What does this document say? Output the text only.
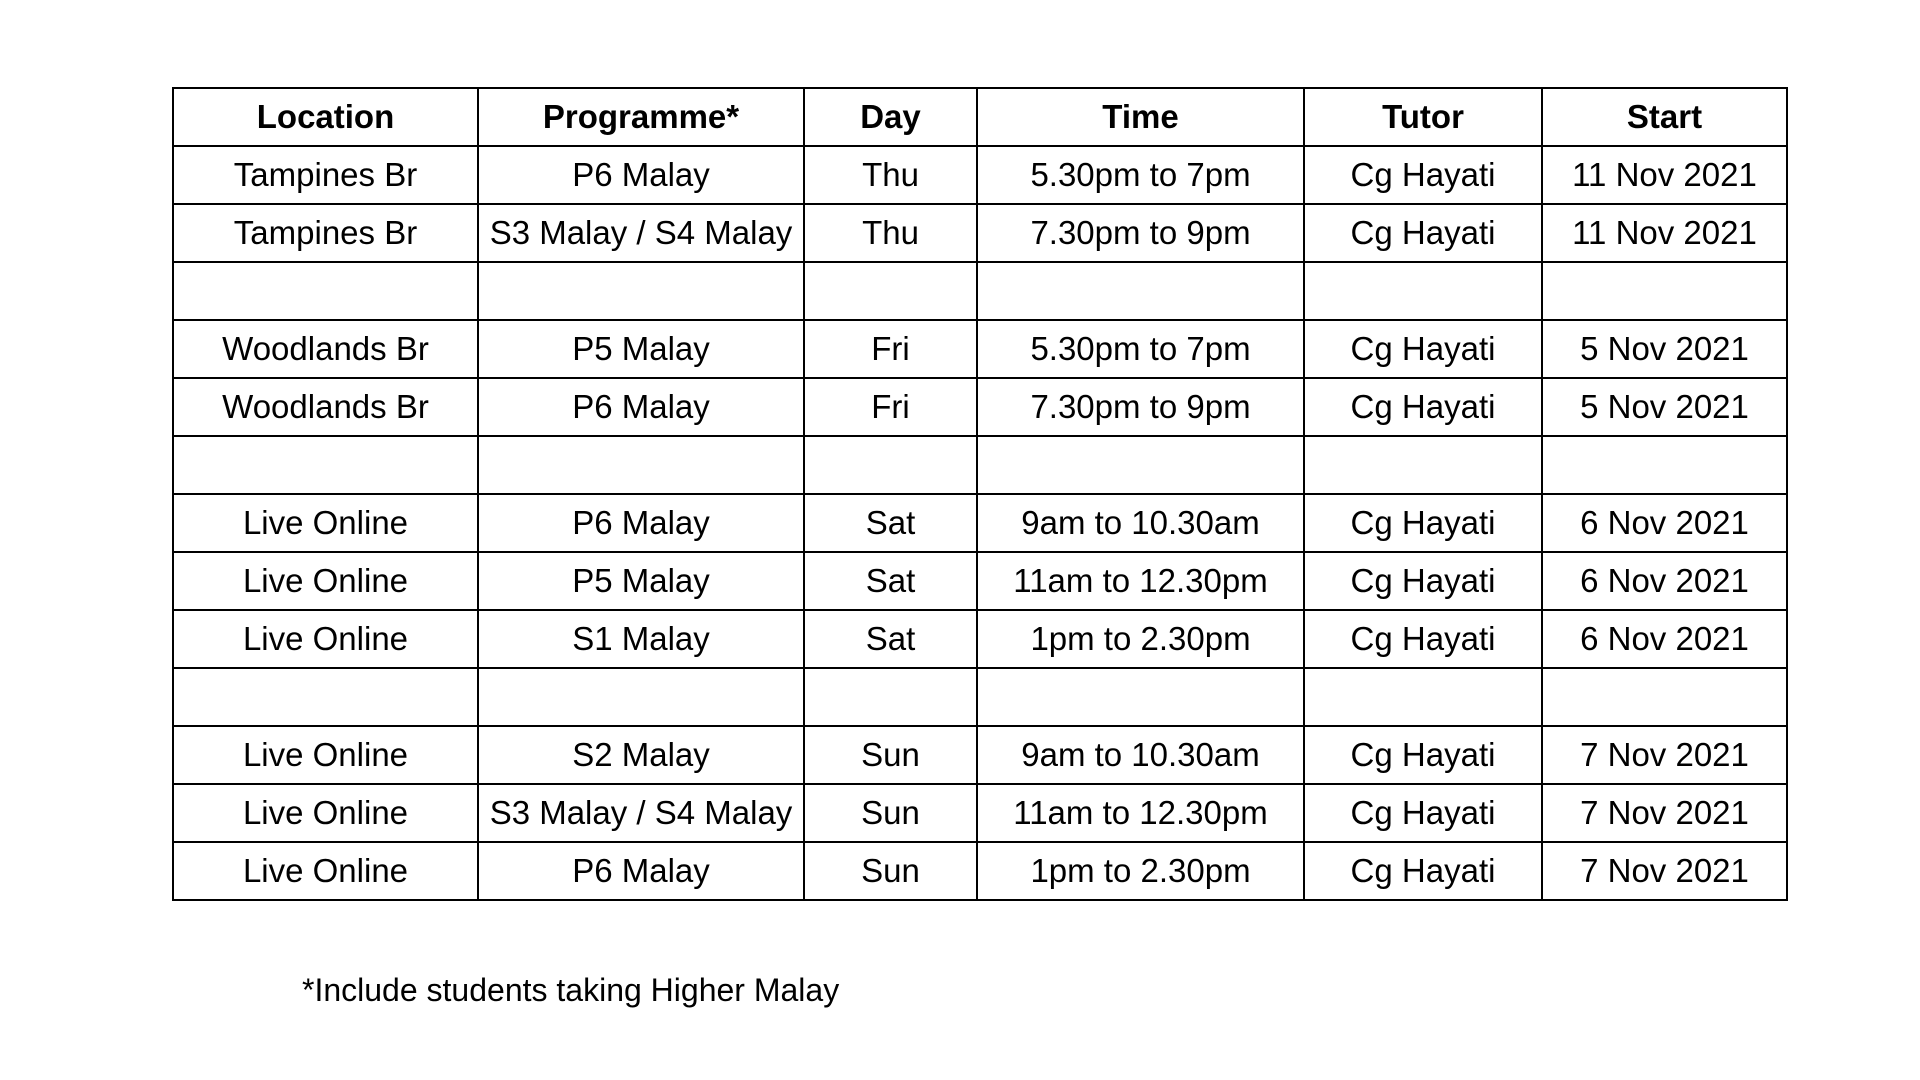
Location	Programme*	Day	Time	Tutor	Start
Tampines Br	P6 Malay	Thu	5.30pm to 7pm	Cg Hayati	11 Nov 2021
Tampines Br	S3 Malay / S4 Malay	Thu	7.30pm to 9pm	Cg Hayati	11 Nov 2021

Woodlands Br	P5 Malay	Fri	5.30pm to 7pm	Cg Hayati	5 Nov 2021
Woodlands Br	P6 Malay	Fri	7.30pm to 9pm	Cg Hayati	5 Nov 2021

Live Online	P6 Malay	Sat	9am to 10.30am	Cg Hayati	6 Nov 2021
Live Online	P5 Malay	Sat	11am to 12.30pm	Cg Hayati	6 Nov 2021
Live Online	S1 Malay	Sat	1pm to 2.30pm	Cg Hayati	6 Nov 2021

Live Online	S2 Malay	Sun	9am to 10.30am	Cg Hayati	7 Nov 2021
Live Online	S3 Malay / S4 Malay	Sun	11am to 12.30pm	Cg Hayati	7 Nov 2021
Live Online	P6 Malay	Sun	1pm to 2.30pm	Cg Hayati	7 Nov 2021
*Include students taking Higher Malay
